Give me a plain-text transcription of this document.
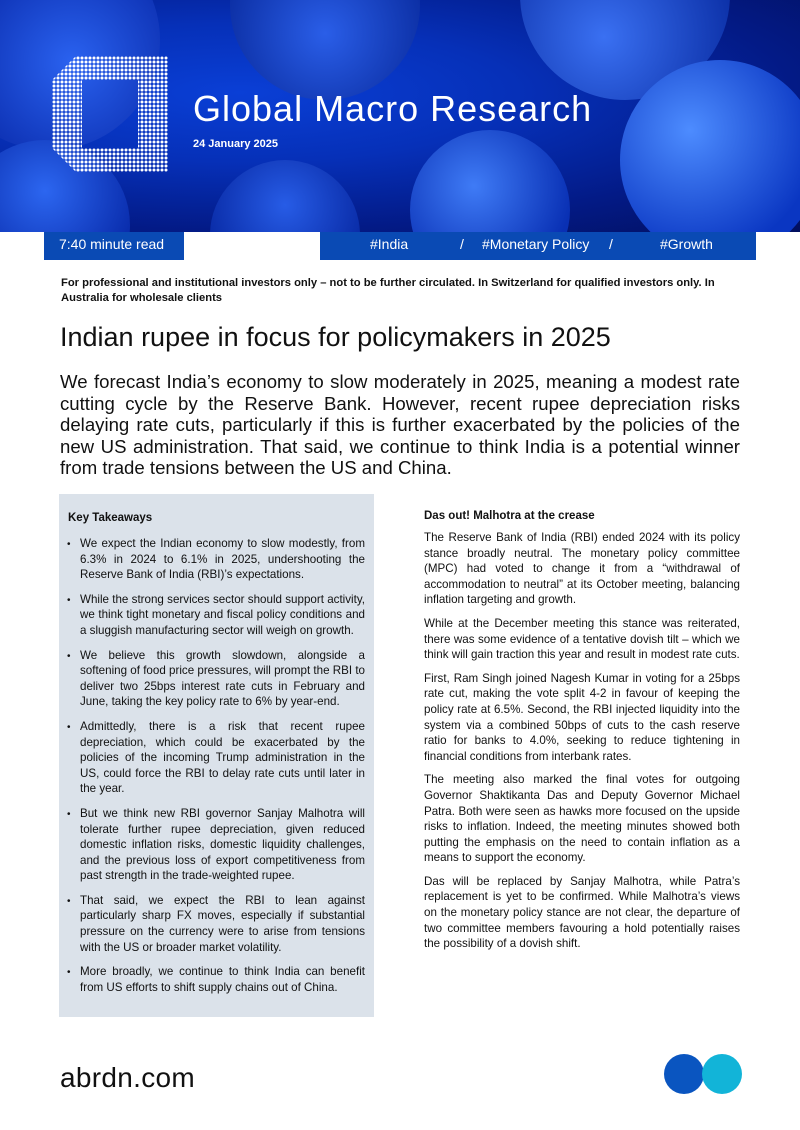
Global Macro Research
24 January 2025
7:40 minute read	#India	/ #Monetary Policy /	#Growth
For professional and institutional investors only – not to be further circulated. In Switzerland for qualified investors only. In Australia for wholesale clients
Indian rupee in focus for policymakers in 2025
We forecast India’s economy to slow moderately in 2025, meaning a modest rate cutting cycle by the Reserve Bank. However, recent rupee depreciation risks delaying rate cuts, particularly if this is further exacerbated by the policies of the new US administration. That said, we continue to think India is a potential winner from trade tensions between the US and China.
Key Takeaways
• We expect the Indian economy to slow modestly, from 6.3% in 2024 to 6.1% in 2025, undershooting the Reserve Bank of India (RBI)’s expectations.
• While the strong services sector should support activity, we think tight monetary and fiscal policy conditions and a sluggish manufacturing sector will weigh on growth.
• We believe this growth slowdown, alongside a softening of food price pressures, will prompt the RBI to deliver two 25bps interest rate cuts in February and June, taking the key policy rate to 6% by year-end.
• Admittedly, there is a risk that recent rupee depreciation, which could be exacerbated by the policies of the incoming Trump administration in the US, could force the RBI to delay rate cuts until later in the year.
• But we think new RBI governor Sanjay Malhotra will tolerate further rupee depreciation, given reduced domestic inflation risks, domestic liquidity challenges, and the previous loss of export competitiveness from past strength in the trade-weighted rupee.
• That said, we expect the RBI to lean against particularly sharp FX moves, especially if substantial pressure on the currency were to arise from tensions with the US or broader market volatility.
• More broadly, we continue to think India can benefit from US efforts to shift supply chains out of China.
Das out! Malhotra at the crease

The Reserve Bank of India (RBI) ended 2024 with its policy stance broadly neutral. The monetary policy committee (MPC) had voted to change it from a “withdrawal of accommodation to neutral” at its October meeting, balancing inflation targeting and growth.

While at the December meeting this stance was reiterated, there was some evidence of a tentative dovish tilt – which we think will gain traction this year and result in modest rate cuts.

First, Ram Singh joined Nagesh Kumar in voting for a 25bps rate cut, making the vote split 4-2 in favour of keeping the policy rate at 6.5%. Second, the RBI injected liquidity into the system via a combined 50bps of cuts to the cash reserve ratio for banks to 4.0%, seeking to reduce tightening in financial conditions from interbank rates.

The meeting also marked the final votes for outgoing Governor Shaktikanta Das and Deputy Governor Michael Patra. Both were seen as hawks more focused on the upside risks to inflation. Indeed, the meeting minutes showed both putting the emphasis on the need to contain inflation as a means to support the economy.

Das will be replaced by Sanjay Malhotra, while Patra’s replacement is yet to be confirmed. While Malhotra’s views on the monetary policy stance are not clear, the departure of two committee members favouring a hold potentially raises the possibility of a dovish shift.

abrdn.com
